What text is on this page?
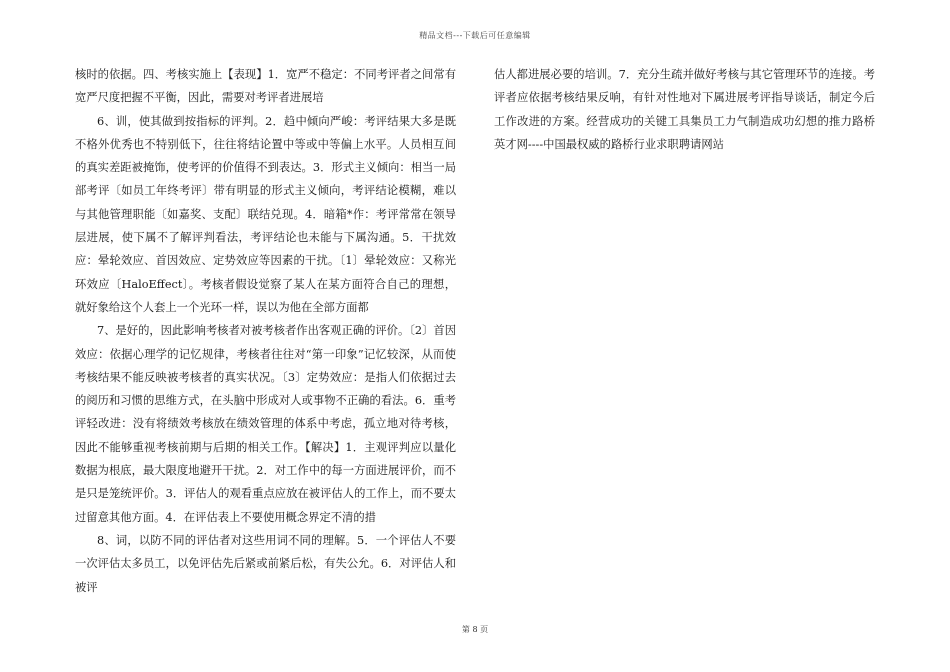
精品文档---下载后可任意编辑

核时的依据。四、考核实施上【表现】1．宽严不稳定：不同考评者之间常有宽严尺度把握不平衡，因此，需要对考评者进展培

6、训，使其做到按指标的评判。2．趋中倾向严峻：考评结果大多是既不格外优秀也不特别低下，往往将结论置中等或中等偏上水平。人员相互间的真实差距被掩饰，使考评的价值得不到表达。3．形式主义倾向：相当一局部考评〔如员工年终考评〕带有明显的形式主义倾向，考评结论模糊，难以与其他管理职能〔如嘉奖、支配〕联结兑现。4．暗箱*作：考评常常在领导层进展，使下属不了解评判看法，考评结论也未能与下属沟通。5．干扰效应：晕轮效应、首因效应、定势效应等因素的干扰。〔1〕晕轮效应：又称光环效应〔HaloEffect〕。考核者假设觉察了某人在某方面符合自己的理想，就好象给这个人套上一个光环一样，误以为他在全部方面都

7、是好的，因此影响考核者对被考核者作出客观正确的评价。〔2〕首因效应：依据心理学的记忆规律，考核者往往对“第一印象”记忆较深，从而使考核结果不能反映被考核者的真实状况。〔3〕定势效应：是指人们依据过去的阅历和习惯的思维方式，在头脑中形成对人或事物不正确的看法。6．重考评轻改进：没有将绩效考核放在绩效管理的体系中考虑，孤立地对待考核，因此不能够重视考核前期与后期的相关工作。【解决】1．主观评判应以量化数据为根底，最大限度地避开干扰。2．对工作中的每一方面进展评价，而不是只是笼统评价。3．评估人的观看重点应放在被评估人的工作上，而不要太过留意其他方面。4．在评估表上不要使用概念界定不清的措

8、词，以防不同的评估者对这些用词不同的理解。5．一个评估人不要一次评估太多员工，以免评估先后紧或前紧后松，有失公允。6．对评估人和被评

估人都进展必要的培训。7．充分生疏并做好考核与其它管理环节的连接。考评者应依据考核结果反响，有针对性地对下属进展考评指导谈话，制定今后工作改进的方案。经营成功的关键工具集员工力气制造成功幻想的推力路桥英才网----中国最权威的路桥行业求职聘请网站

第 8 页
